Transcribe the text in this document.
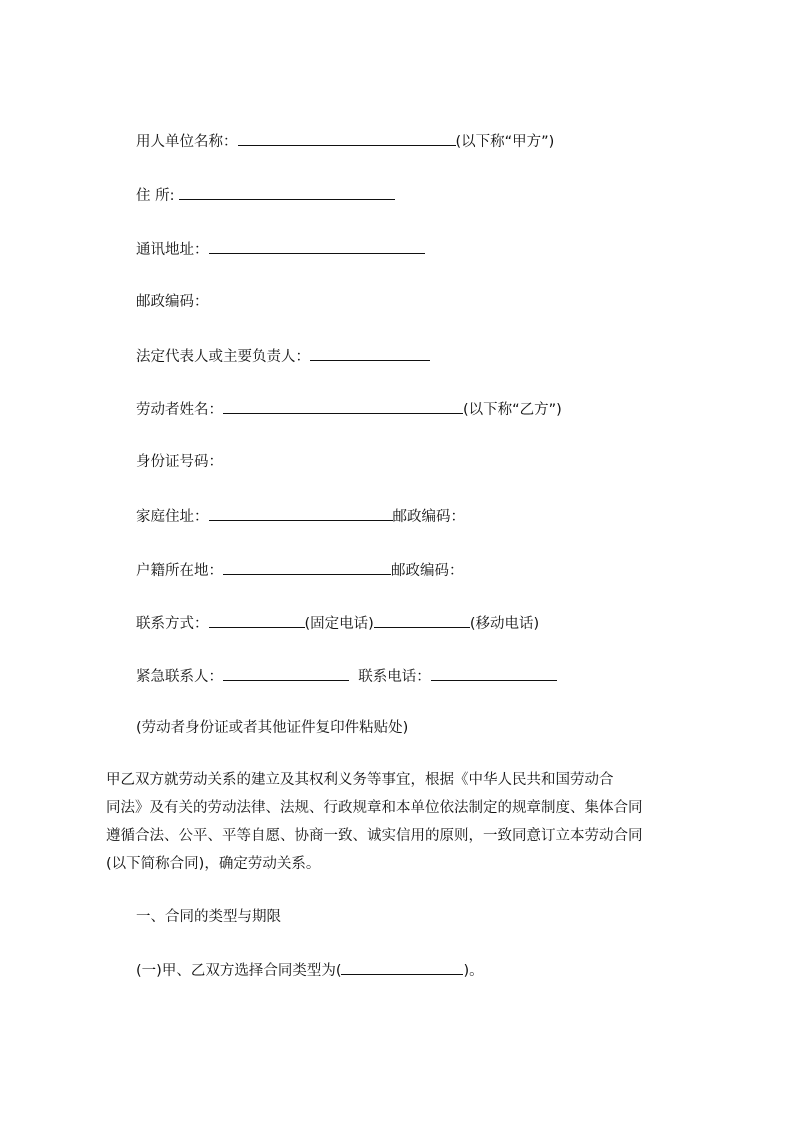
用人单位名称：	(以下称“甲方”)
住 所:
通讯地址：
邮政编码：
法定代表人或主要负责人：
劳动者姓名：	(以下称“乙方”)
身份证号码：
家庭住址：	邮政编码：
户籍所在地：	邮政编码：
联系方式：	(固定电话)	(移动电话)
紧急联系人：	联系电话：
(劳动者身份证或者其他证件复印件粘贴处)
甲乙双方就劳动关系的建立及其权利义务等事宜，根据《中华人民共和国劳动合
同法》及有关的劳动法律、法规、行政规章和本单位依法制定的规章制度、集体合同
遵循合法、公平、平等自愿、协商一致、诚实信用的原则，一致同意订立本劳动合同
(以下简称合同)，确定劳动关系。
一、合同的类型与期限
(一)甲、乙双方选择合同类型为(	)。
